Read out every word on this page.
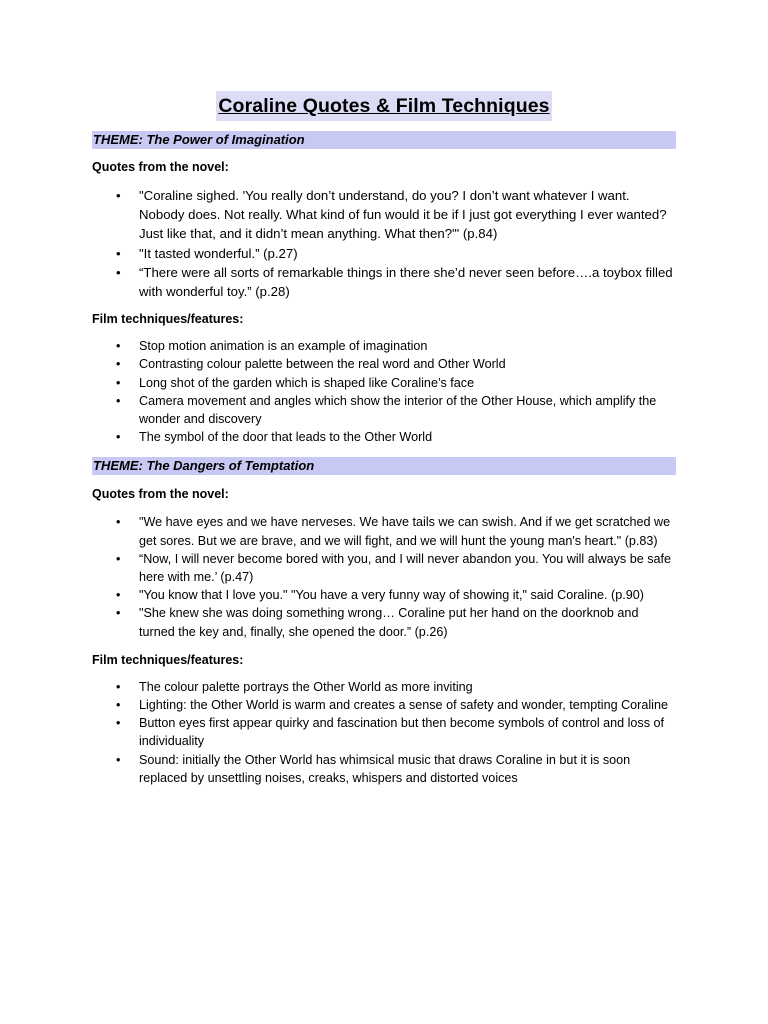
Coraline Quotes & Film Techniques
THEME: The Power of Imagination
Quotes from the novel:
• "Coraline sighed. 'You really don’t understand, do you? I don’t want whatever I want. Nobody does. Not really. What kind of fun would it be if I just got everything I ever wanted? Just like that, and it didn’t mean anything. What then?'" (p.84)
• "It tasted wonderful.” (p.27)
• “There were all sorts of remarkable things in there she’d never seen before….a toybox filled with wonderful toy.” (p.28)
Film techniques/features:
• Stop motion animation is an example of imagination
• Contrasting colour palette between the real word and Other World
• Long shot of the garden which is shaped like Coraline’s face
• Camera movement and angles which show the interior of the Other House, which amplify the wonder and discovery
• The symbol of the door that leads to the Other World
THEME: The Dangers of Temptation
Quotes from the novel:
• "We have eyes and we have nerveses. We have tails we can swish. And if we get scratched we get sores. But we are brave, and we will fight, and we will hunt the young man's heart." (p.83)
• “Now, I will never become bored with you, and I will never abandon you. You will always be safe here with me.’ (p.47)
• "You know that I love you." "You have a very funny way of showing it," said Coraline. (p.90)
• "She knew she was doing something wrong… Coraline put her hand on the doorknob and turned the key and, finally, she opened the door.” (p.26)
Film techniques/features:
• The colour palette portrays the Other World as more inviting
• Lighting: the Other World is warm and creates a sense of safety and wonder, tempting Coraline
• Button eyes first appear quirky and fascination but then become symbols of control and loss of individuality
• Sound: initially the Other World has whimsical music that draws Coraline in but it is soon replaced by unsettling noises, creaks, whispers and distorted voices
